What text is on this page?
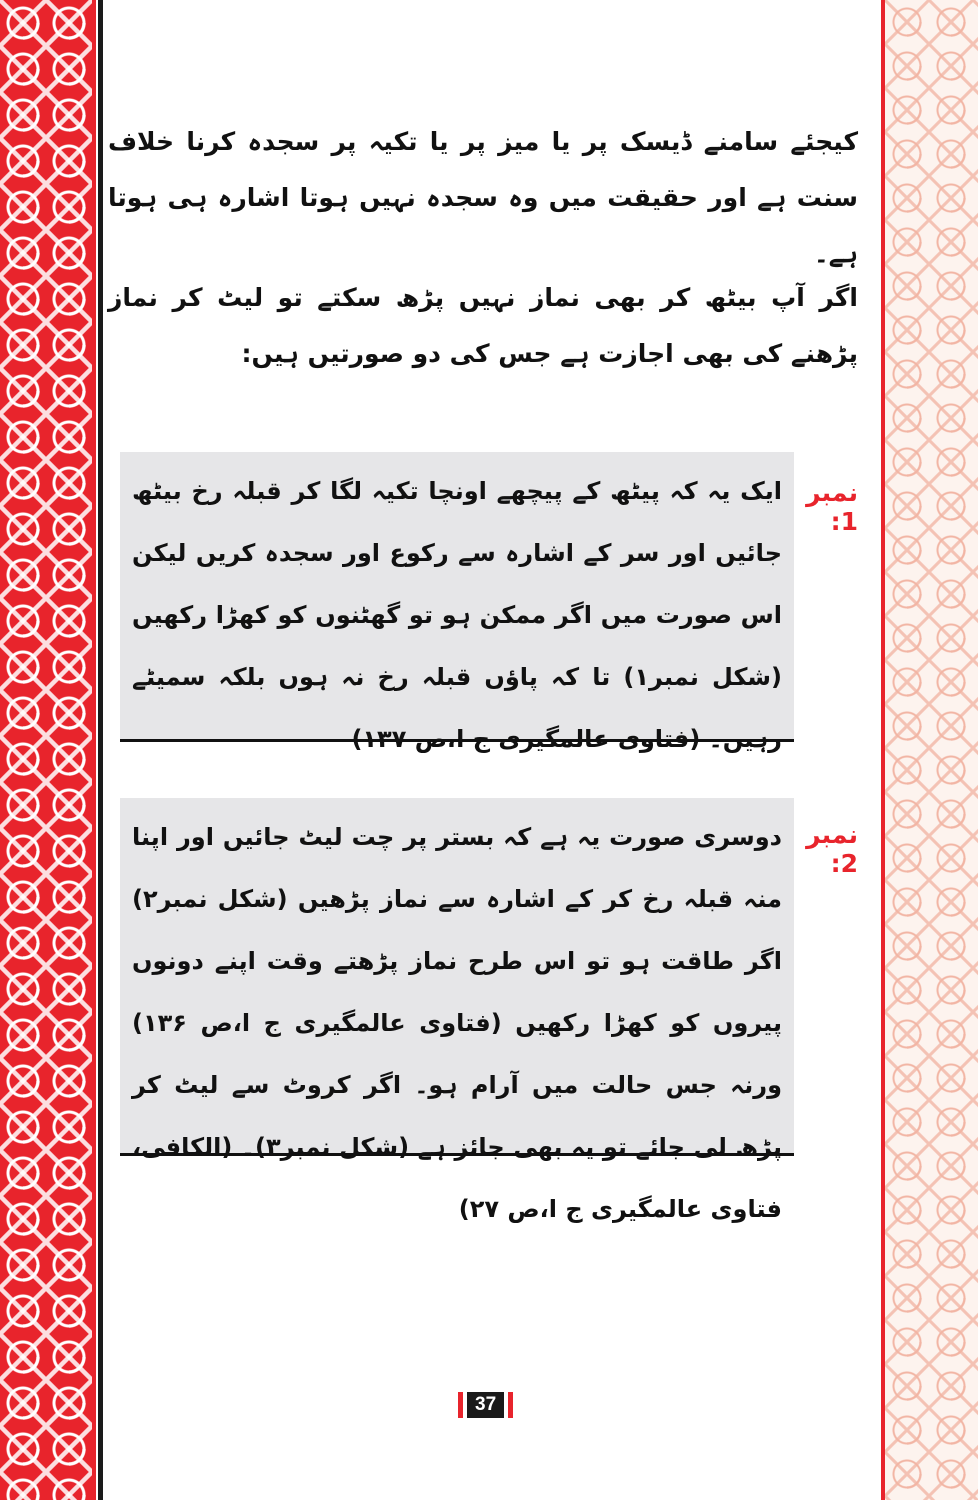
کیجئے سامنے ڈیسک پر یا میز پر یا تکیہ پر سجدہ کرنا خلاف سنت ہے اور حقیقت میں وہ سجدہ نہیں ہوتا اشارہ ہی ہوتا ہے۔
اگر آپ بیٹھ کر بھی نماز نہیں پڑھ سکتے تو لیٹ کر نماز پڑھنے کی بھی اجازت ہے جس کی دو صورتیں ہیں:
نمبر 1:
ایک یہ کہ پیٹھ کے پیچھے اونچا تکیہ لگا کر قبلہ رخ بیٹھ جائیں اور سر کے اشارہ سے رکوع اور سجدہ کریں لیکن اس صورت میں اگر ممکن ہو تو گھٹنوں کو کھڑا رکھیں (شکل نمبر۱) تا کہ پاؤں قبلہ رخ نہ ہوں بلکہ سمیٹے رہیں۔ (فتاوی عالمگیری ج ا،ص ۱۳۷)
نمبر 2:
دوسری صورت یہ ہے کہ بستر پر چت لیٹ جائیں اور اپنا منہ قبلہ رخ کر کے اشارہ سے نماز پڑھیں (شکل نمبر۲) اگر طاقت ہو تو اس طرح نماز پڑھتے وقت اپنے دونوں پیروں کو کھڑا رکھیں (فتاوی عالمگیری ج ا،ص ۱۳۶) ورنہ جس حالت میں آرام ہو۔ اگر کروٹ سے لیٹ کر پڑھ لی جائے تو یہ بھی جائز ہے (شکل نمبر۳)۔ (الکافی، فتاوی عالمگیری ج ا،ص ۲۷)
37
